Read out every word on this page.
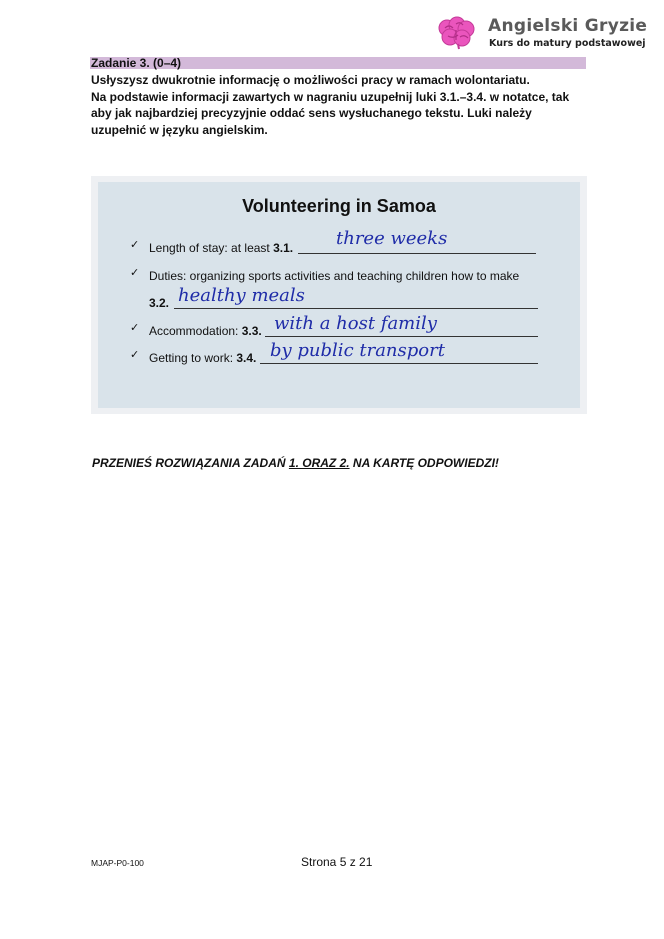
Angielski Gryzie
Kurs do matury podstawowej
Zadanie 3. (0–4)
Usłyszysz dwukrotnie informację o możliwości pracy w ramach wolontariatu.
Na podstawie informacji zawartych w nagraniu uzupełnij luki 3.1.–3.4. w notatce, tak
aby jak najbardziej precyzyjnie oddać sens wysłuchanego tekstu. Luki należy
uzupełnić w języku angielskim.
Volunteering in Samoa
✓ Length of stay: at least 3.1. three weeks
✓ Duties: organizing sports activities and teaching children how to make
3.2. healthy meals
✓ Accommodation: 3.3. with a host family
✓ Getting to work: 3.4. by public transport
PRZENIEŚ ROZWIĄZANIA ZADAŃ 1. ORAZ 2. NA KARTĘ ODPOWIEDZI!
MJAP-P0-100	Strona 5 z 21
